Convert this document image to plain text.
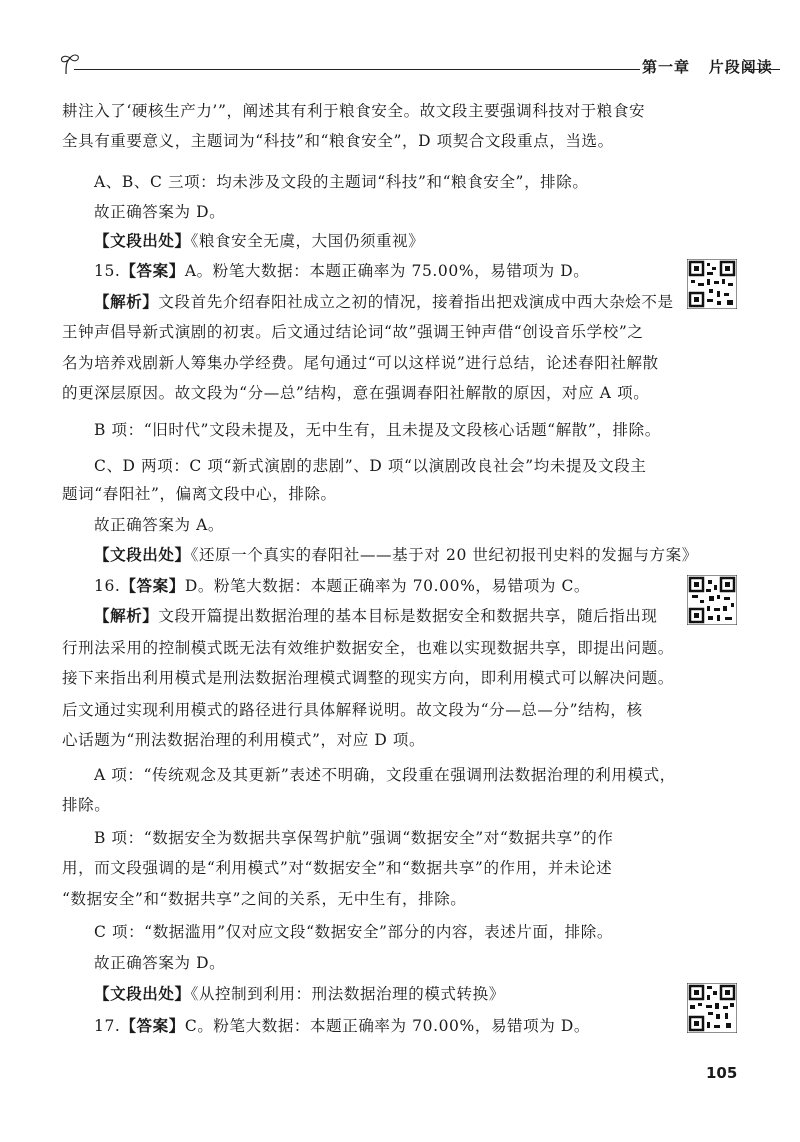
第一章 片段阅读
耕注入了‘硬核生产力’”，阐述其有利于粮食安全。故文段主要强调科技对于粮食安
全具有重要意义，主题词为“科技”和“粮食安全”，D 项契合文段重点，当选。
A、B、C 三项：均未涉及文段的主题词“科技”和“粮食安全”，排除。
故正确答案为 D。
【文段出处】《粮食安全无虞，大国仍须重视》
15.【答案】A。粉笔大数据：本题正确率为 75.00%，易错项为 D。
【解析】文段首先介绍春阳社成立之初的情况，接着指出把戏演成中西大杂烩不是
王钟声倡导新式演剧的初衷。后文通过结论词“故”强调王钟声借“创设音乐学校”之
名为培养戏剧新人筹集办学经费。尾句通过“可以这样说”进行总结，论述春阳社解散
的更深层原因。故文段为“分—总”结构，意在强调春阳社解散的原因，对应 A 项。
B 项：“旧时代”文段未提及，无中生有，且未提及文段核心话题“解散”，排除。
C、D 两项：C 项“新式演剧的悲剧”、D 项“以演剧改良社会”均未提及文段主
题词“春阳社”，偏离文段中心，排除。
故正确答案为 A。
【文段出处】《还原一个真实的春阳社——基于对 20 世纪初报刊史料的发掘与方案》
16.【答案】D。粉笔大数据：本题正确率为 70.00%，易错项为 C。
【解析】文段开篇提出数据治理的基本目标是数据安全和数据共享，随后指出现
行刑法采用的控制模式既无法有效维护数据安全，也难以实现数据共享，即提出问题。
接下来指出利用模式是刑法数据治理模式调整的现实方向，即利用模式可以解决问题。
后文通过实现利用模式的路径进行具体解释说明。故文段为“分—总—分”结构，核
心话题为“刑法数据治理的利用模式”，对应 D 项。
A 项：“传统观念及其更新”表述不明确，文段重在强调刑法数据治理的利用模式，
排除。
B 项：“数据安全为数据共享保驾护航”强调“数据安全”对“数据共享”的作
用，而文段强调的是“利用模式”对“数据安全”和“数据共享”的作用，并未论述
“数据安全”和“数据共享”之间的关系，无中生有，排除。
C 项：“数据滥用”仅对应文段“数据安全”部分的内容，表述片面，排除。
故正确答案为 D。
【文段出处】《从控制到利用：刑法数据治理的模式转换》
17.【答案】C。粉笔大数据：本题正确率为 70.00%，易错项为 D。
105
